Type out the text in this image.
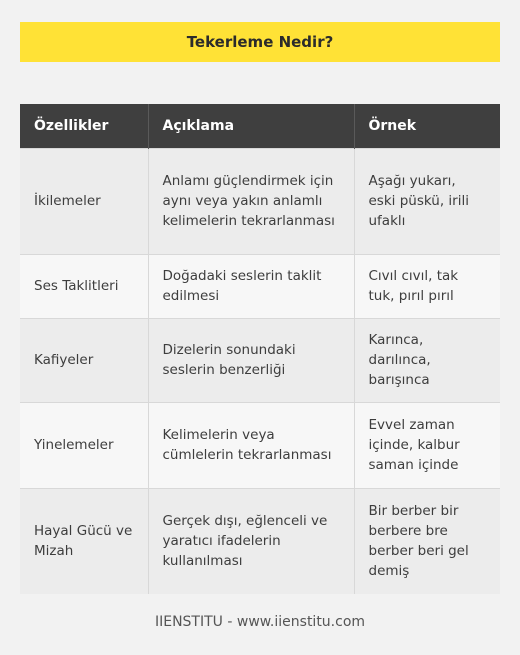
Tekerleme Nedir?
Özellikler	Açıklama	Örnek
İkilemeler	Anlamı güçlendirmek için aynı veya yakın anlamlı kelimelerin tekrarlanması	Aşağı yukarı, eski püskü, irili ufaklı
Ses Taklitleri	Doğadaki seslerin taklit edilmesi	Cıvıl cıvıl, tak tuk, pırıl pırıl
Kafiyeler	Dizelerin sonundaki seslerin benzerliği	Karınca, darılınca, barışınca
Yinelemeler	Kelimelerin veya cümlelerin tekrarlanması	Evvel zaman içinde, kalbur saman içinde
Hayal Gücü ve Mizah	Gerçek dışı, eğlenceli ve yaratıcı ifadelerin kullanılması	Bir berber bir berbere bre berber beri gel demiş
IIENSTITU - www.iienstitu.com
